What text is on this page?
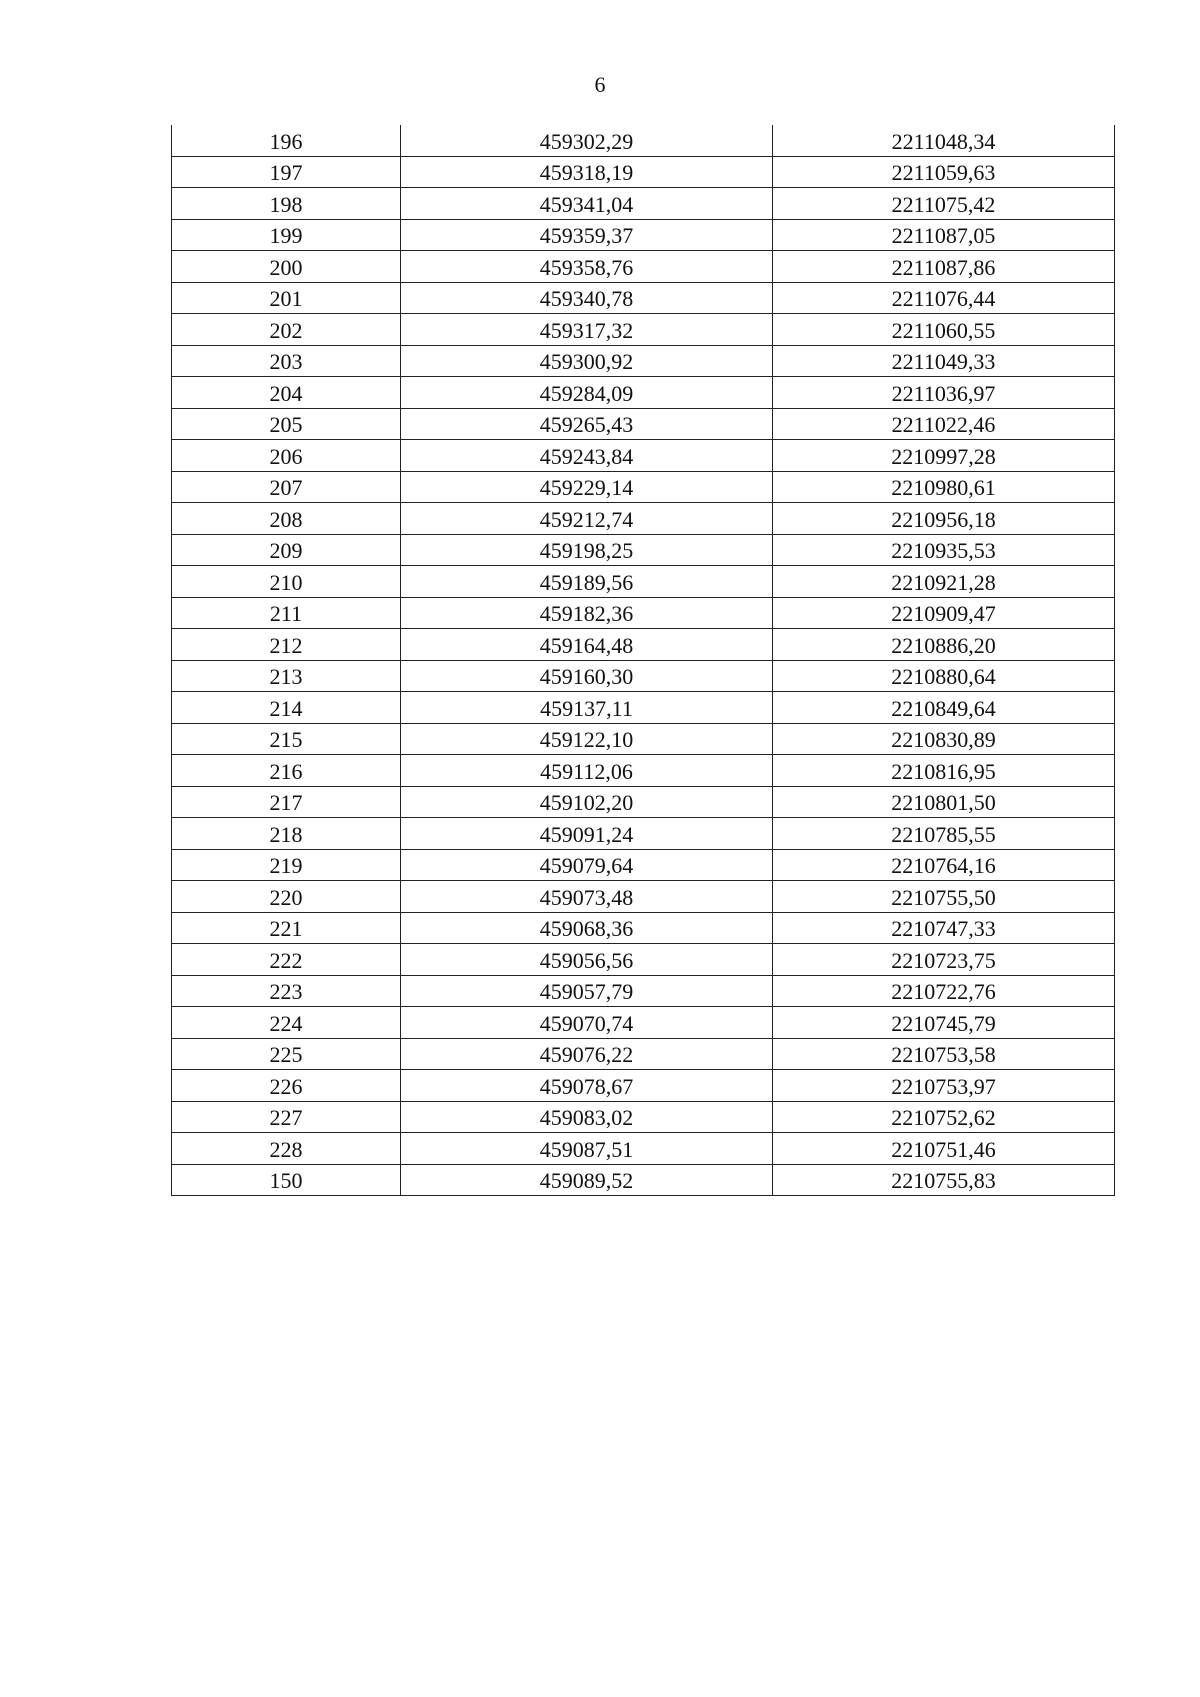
6
196	459302,29	2211048,34
197	459318,19	2211059,63
198	459341,04	2211075,42
199	459359,37	2211087,05
200	459358,76	2211087,86
201	459340,78	2211076,44
202	459317,32	2211060,55
203	459300,92	2211049,33
204	459284,09	2211036,97
205	459265,43	2211022,46
206	459243,84	2210997,28
207	459229,14	2210980,61
208	459212,74	2210956,18
209	459198,25	2210935,53
210	459189,56	2210921,28
211	459182,36	2210909,47
212	459164,48	2210886,20
213	459160,30	2210880,64
214	459137,11	2210849,64
215	459122,10	2210830,89
216	459112,06	2210816,95
217	459102,20	2210801,50
218	459091,24	2210785,55
219	459079,64	2210764,16
220	459073,48	2210755,50
221	459068,36	2210747,33
222	459056,56	2210723,75
223	459057,79	2210722,76
224	459070,74	2210745,79
225	459076,22	2210753,58
226	459078,67	2210753,97
227	459083,02	2210752,62
228	459087,51	2210751,46
150	459089,52	2210755,83
